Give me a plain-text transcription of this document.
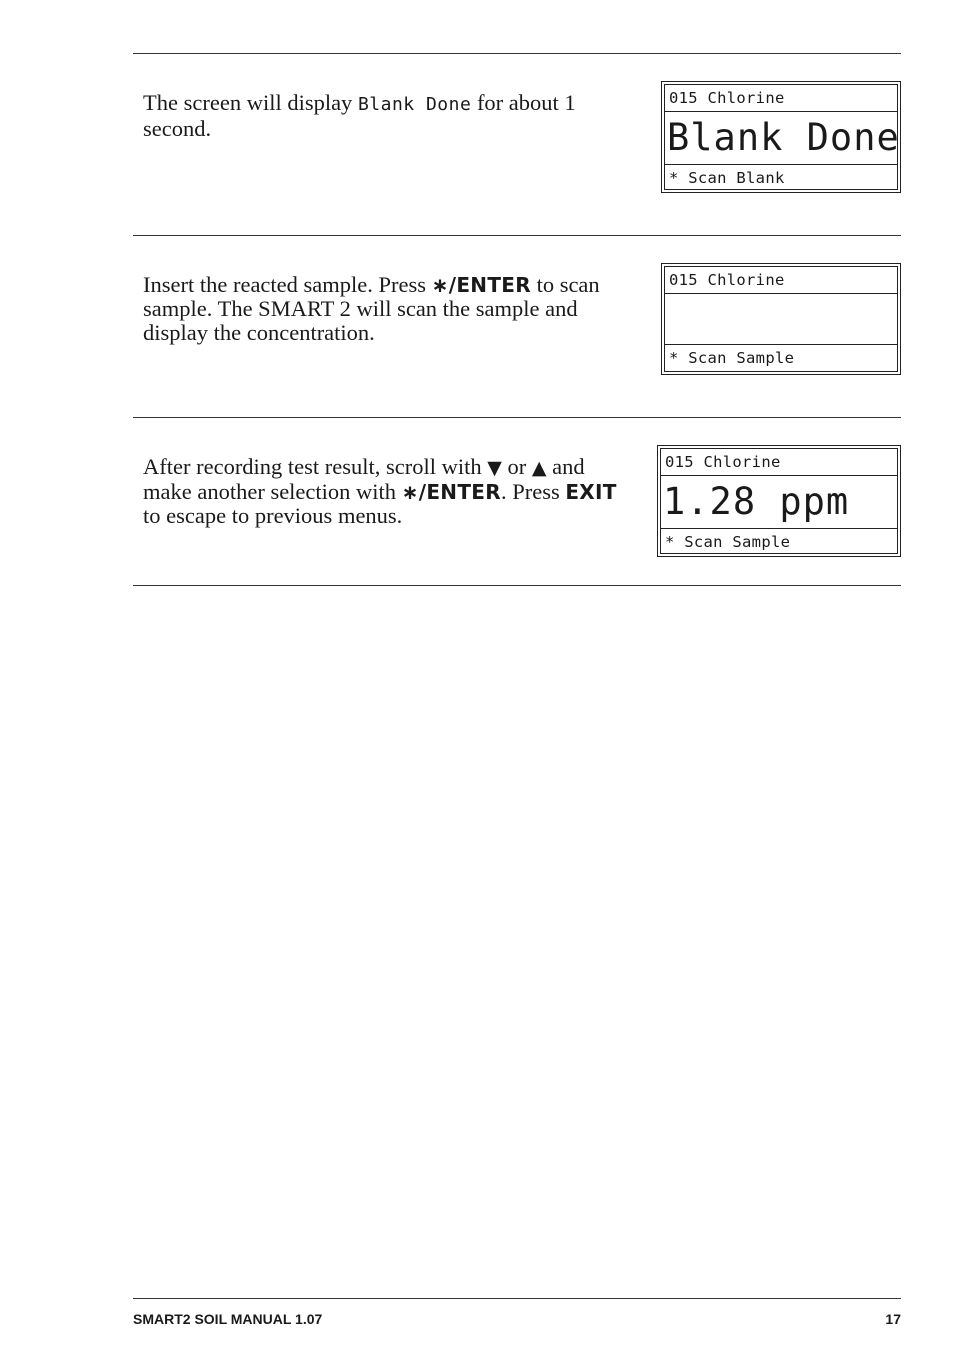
The screen will display Blank Done for about 1 second.
015 Chlorine
Blank Done
* Scan Blank
Insert the reacted sample. Press ∗/ENTER to scan sample. The SMART 2 will scan the sample and display the concentration.
015 Chlorine
* Scan Sample
After recording test result, scroll with ▼ or ▲ and make another selection with ∗/ENTER. Press EXIT to escape to previous menus.
015 Chlorine
1.28 ppm
* Scan Sample
SMART2 SOIL MANUAL 1.07	17
